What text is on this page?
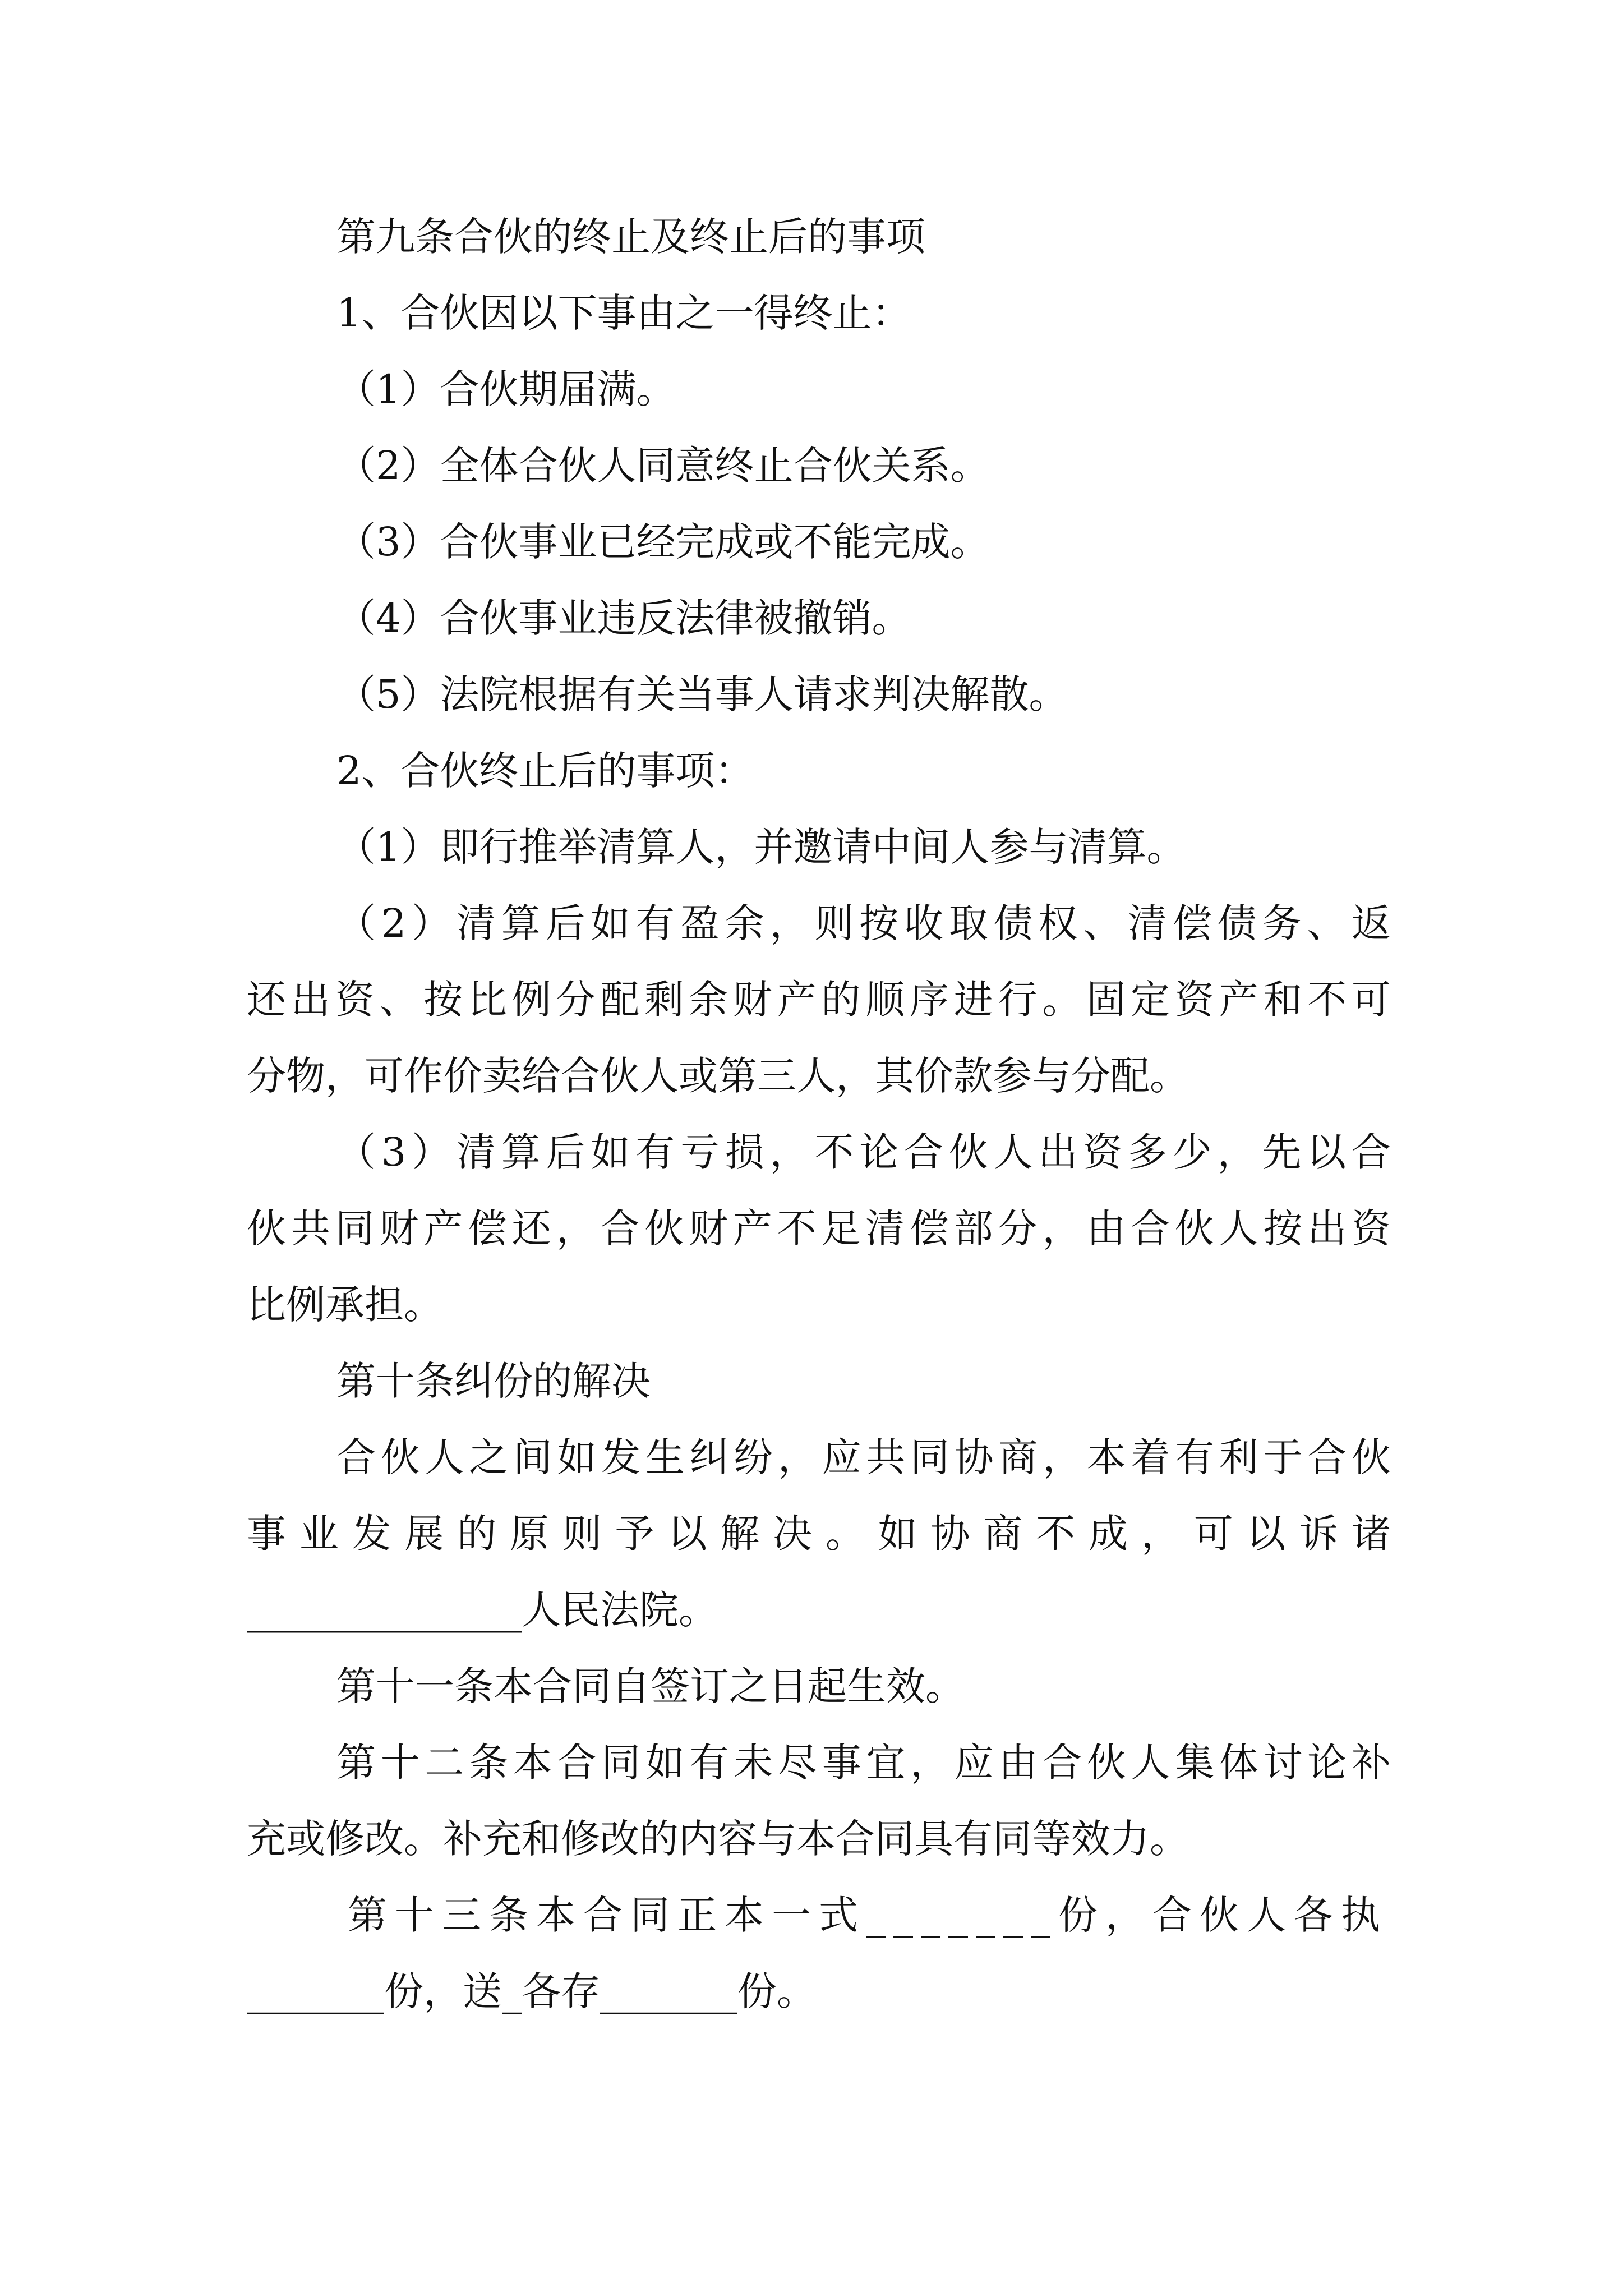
第九条合伙的终止及终止后的事项

1、合伙因以下事由之一得终止：

（1）合伙期届满。

（2）全体合伙人同意终止合伙关系。

（3）合伙事业已经完成或不能完成。

（4）合伙事业违反法律被撤销。

（5）法院根据有关当事人请求判决解散。

2、合伙终止后的事项：

（1）即行推举清算人，并邀请中间人参与清算。

（2）清算后如有盈余，则按收取债权、清偿债务、返

还出资、按比例分配剩余财产的顺序进行。固定资产和不可

分物，可作价卖给合伙人或第三人，其价款参与分配。

（3）清算后如有亏损，不论合伙人出资多少，先以合

伙共同财产偿还，合伙财产不足清偿部分，由合伙人按出资

比例承担。

第十条纠份的解决

合伙人之间如发生纠纷，应共同协商，本着有利于合伙

事业发展的原则予以解决。如协商不成，可以诉诸

______________人民法院。

第十一条本合同自签订之日起生效。

第十二条本合同如有未尽事宜，应由合伙人集体讨论补

充或修改。补充和修改的内容与本合同具有同等效力。

第十三条本合同正本一式_______份，合伙人各执

_______份，送_各存_______份。
